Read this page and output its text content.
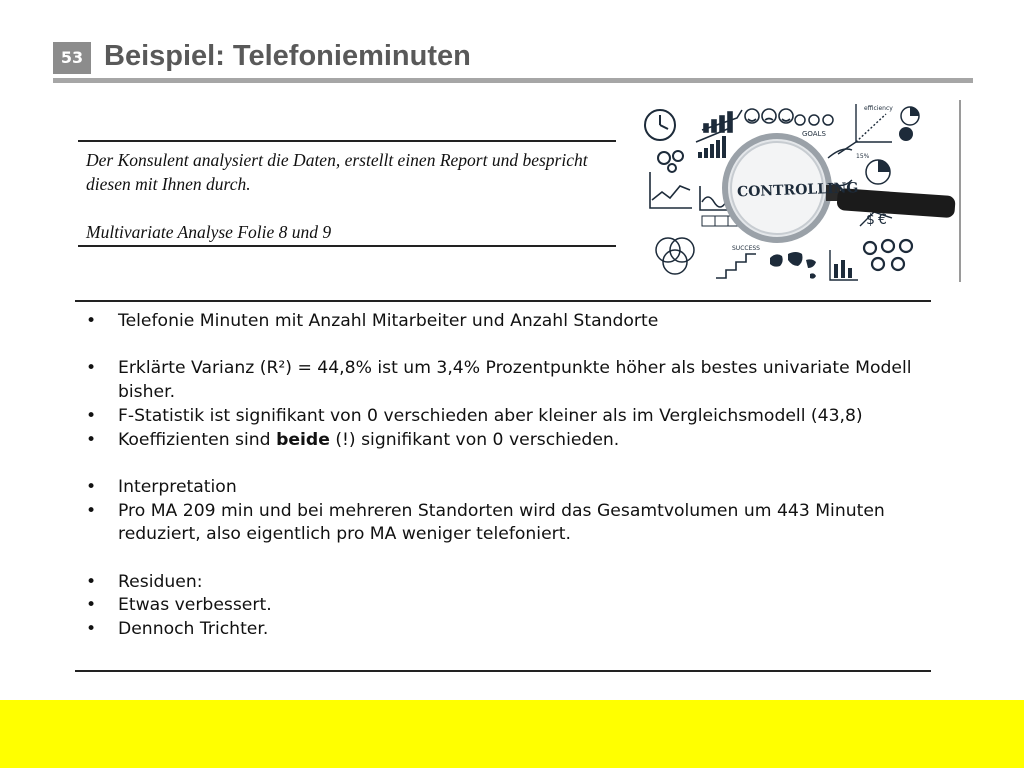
53 Beispiel: Telefonieminuten

Der Konsulent analysiert die Daten, erstellt einen Report und bespricht diesen mit Ihnen durch.

Multivariate Analyse Folie 8 und 9

GOALS
efficiency
SUCCESS
$ €
15%
CONTROLLING
• Telefonie Minuten mit Anzahl Mitarbeiter und Anzahl Standorte
• Erklärte Varianz (R²) = 44,8% ist um 3,4% Prozentpunkte höher als bestes univariate Modell bisher.
• F-Statistik ist signifikant von 0 verschieden aber kleiner als im Vergleichsmodell (43,8)
• Koeffizienten sind beide (!) signifikant von 0 verschieden.
• Interpretation
• Pro MA 209 min und bei mehreren Standorten wird das Gesamtvolumen um 443 Minuten reduziert, also eigentlich pro MA weniger telefoniert.
• Residuen:
• Etwas verbessert.
• Dennoch Trichter.
